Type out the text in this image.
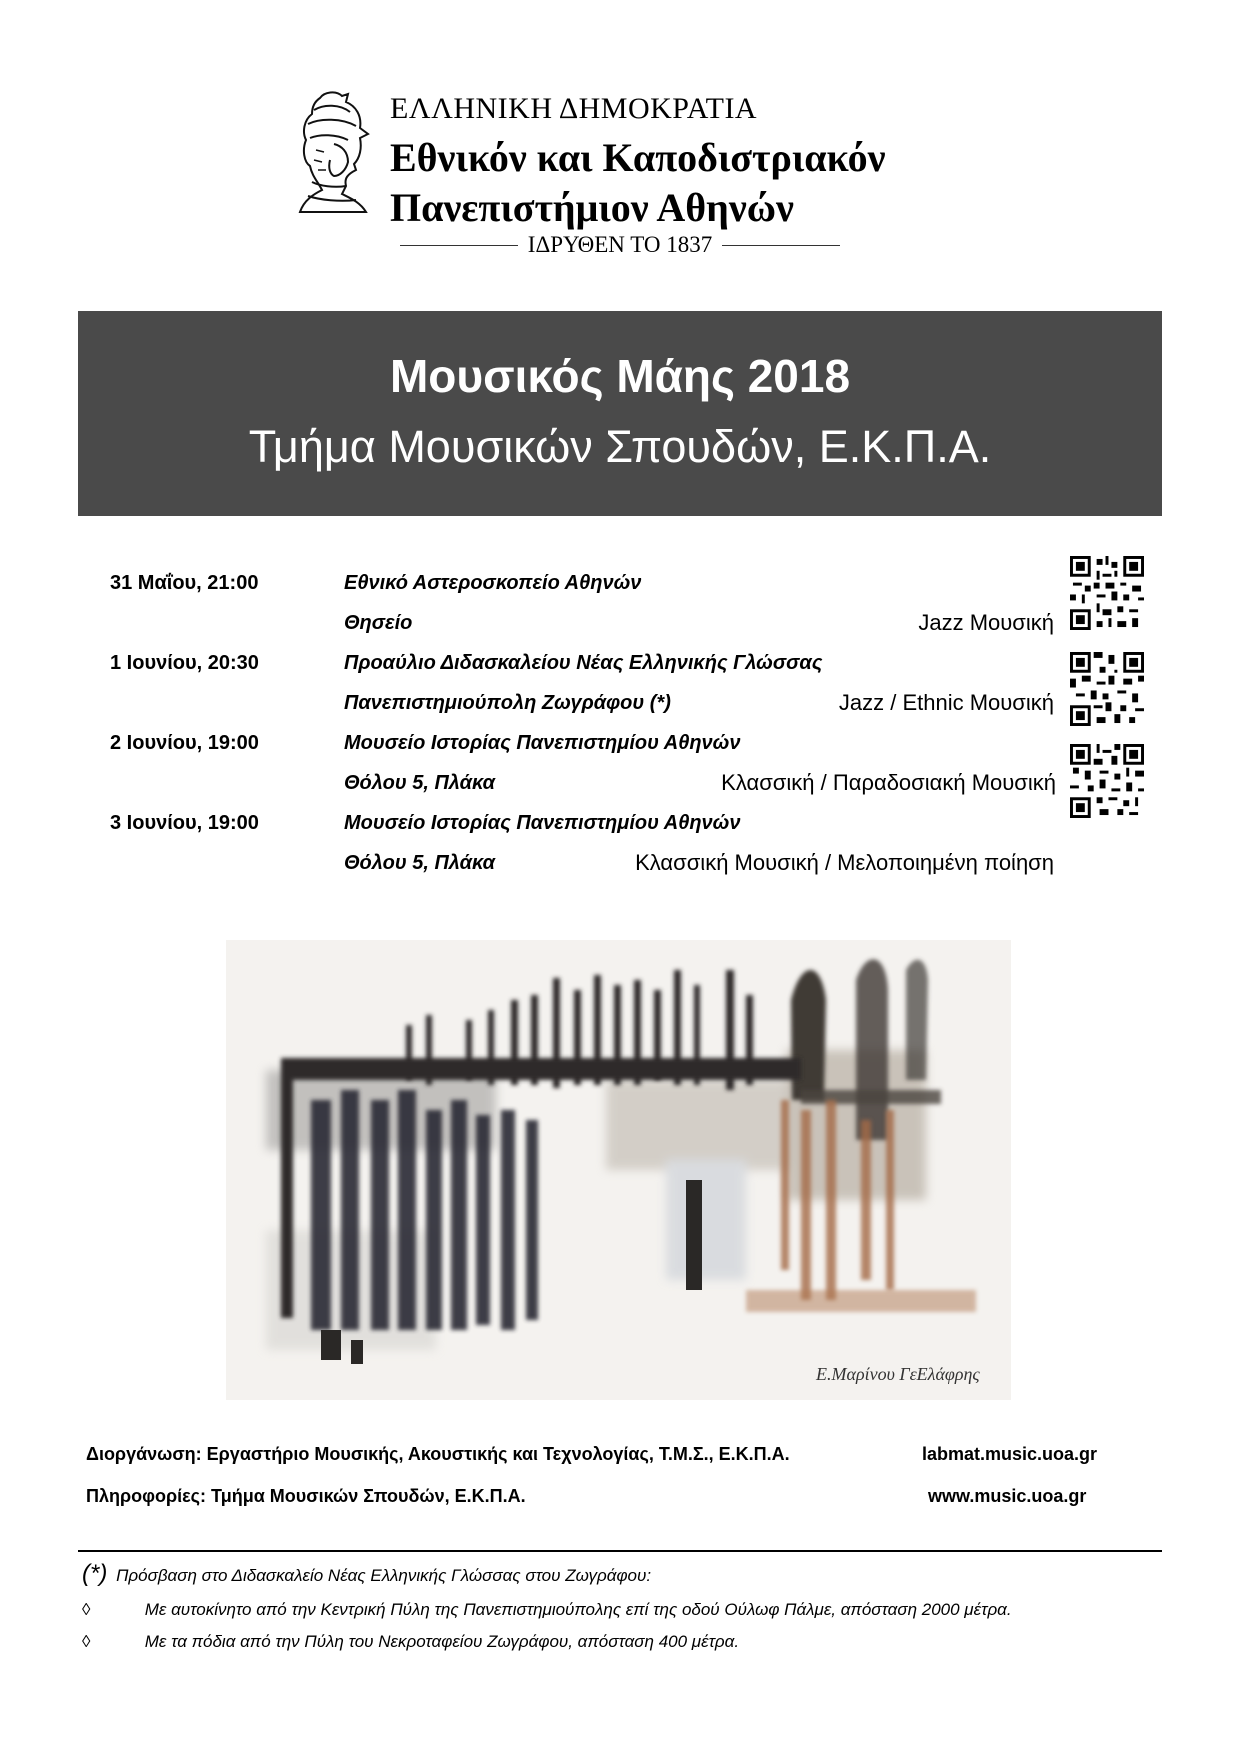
ΕΛΛΗΝΙΚΗ ΔΗΜΟΚΡΑΤΙΑ
Εθνικόν και Καποδιστριακόν
Πανεπιστήμιον Αθηνών
ΙΔΡΥΘΕΝ ΤΟ 1837
Μουσικός Μάης 2018
Τμήμα Μουσικών Σπουδών, Ε.Κ.Π.Α.
31 Μαΐου, 21:00	Εθνικό Αστεροσκοπείο Αθηνών
Θησείο	Jazz Μουσική
1 Ιουνίου, 20:30	Προαύλιο Διδασκαλείου Νέας Ελληνικής Γλώσσας
Πανεπιστημιούπολη Ζωγράφου (*)	Jazz / Ethnic Μουσική
2 Ιουνίου, 19:00	Μουσείο Ιστορίας Πανεπιστημίου Αθηνών
Θόλου 5, Πλάκα	Κλασσική / Παραδοσιακή Μουσική
3 Ιουνίου, 19:00	Μουσείο Ιστορίας Πανεπιστημίου Αθηνών
Θόλου 5, Πλάκα	Κλασσική Μουσική / Μελοποιημένη ποίηση
Ε.Μαρίνου ΓεΕλάφρης
Διοργάνωση: Εργαστήριο Μουσικής, Ακουστικής και Τεχνολογίας, Τ.Μ.Σ., Ε.Κ.Π.Α.	labmat.music.uoa.gr
Πληροφορίες: Τμήμα Μουσικών Σπουδών, Ε.Κ.Π.Α.	www.music.uoa.gr
(*) Πρόσβαση στο Διδασκαλείο Νέας Ελληνικής Γλώσσας στου Ζωγράφου:
◊	Με αυτοκίνητο από την Κεντρική Πύλη της Πανεπιστημιούπολης επί της οδού Ούλωφ Πάλμε, απόσταση 2000 μέτρα.
◊	Με τα πόδια από την Πύλη του Νεκροταφείου Ζωγράφου, απόσταση 400 μέτρα.
